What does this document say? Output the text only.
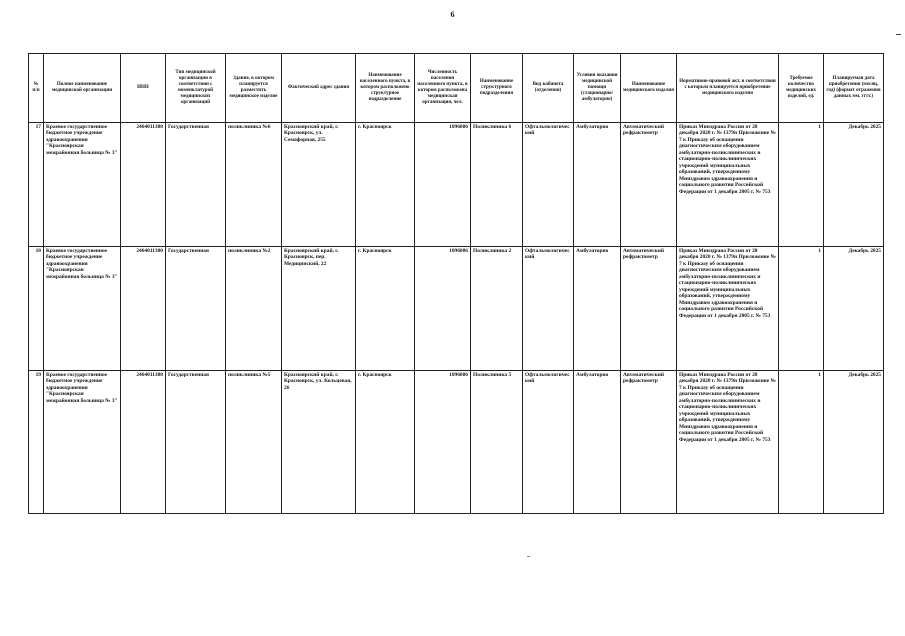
6
№ п/п	Полное наименование медицинской организации	ИНН	Тип медицинской организации в соответствии с номенклатурой медицинских организаций	Здание, в котором планируется разместить медицинское изделие	Фактический адрес здания	Наименование населенного пункта, в котором расположено структурное подразделение	Численность населения населенного пункта, в котором расположена медицинская организация, чел.	Наименование структурного подразделения	Вид кабинета (отделения)	Условия оказания медицинской помощи (стационарно/ амбулаторно)	Наименование медицинского изделия	Нормативно-правовой акт, в соответствии с которым планируется приобретение медицинского изделия	Требуемое количество медицинских изделий, ед.	Планируемая дата приобретения (месяц, год) (формат отражения данных мм. гггг.)
17	Краевое государственное бюджетное учреждение здравоохранения "Красноярская межрайонная больница № 3"	2464011380	Государственная	поликлиника №6	Красноярский край, г. Красноярск, ул. Семафорная, 255	г. Красноярск	1096086	Поликлиника 6	Офтальмологический	Амбулаторно	Автоматический рефрактометр	Приказ Минздрава России от 28 декабря 2020 г. № 1379н Приложение № 7 к Приказу об оснащении диагностическим оборудованием амбулаторно-поликлинических и стационарно-поликлинических учреждений муниципальных образований, утвержденному Минздравом здравоохранения и социального развития Российской Федерации от 1 декабря 2005 г. № 753	1	Декабрь 2025
18	Краевое государственное бюджетное учреждение здравоохранения "Красноярская межрайонная больница № 3"	2464011380	Государственная	поликлиника №2	Красноярский край, г. Красноярск, пер. Медицинский, 22	г. Красноярск	1096086	Поликлиника 2	Офтальмологический	Амбулаторно	Автоматический рефрактометр	Приказ Минздрава России от 28 декабря 2020 г. № 1379н Приложение № 7 к Приказу об оснащении диагностическим оборудованием амбулаторно-поликлинических и стационарно-поликлинических учреждений муниципальных образований, утвержденному Минздравом здравоохранения и социального развития Российской Федерации от 1 декабря 2005 г. № 753	1	Декабрь 2025
19	Краевое государственное бюджетное учреждение здравоохранения "Красноярская межрайонная больница № 3"	2464011380	Государственная	поликлиника №5	Красноярский край, г. Красноярск, ул. Кольцевая, 26	г. Красноярск	1096086	Поликлиника 5	Офтальмологический	Амбулаторно	Автоматический рефрактометр	Приказ Минздрава России от 28 декабря 2020 г. № 1379н Приложение № 7 к Приказу об оснащении диагностическим оборудованием амбулаторно-поликлинических и стационарно-поликлинических учреждений муниципальных образований, утвержденному Минздравом здравоохранения и социального развития Российской Федерации от 1 декабря 2005 г. № 753	1	Декабрь 2025
